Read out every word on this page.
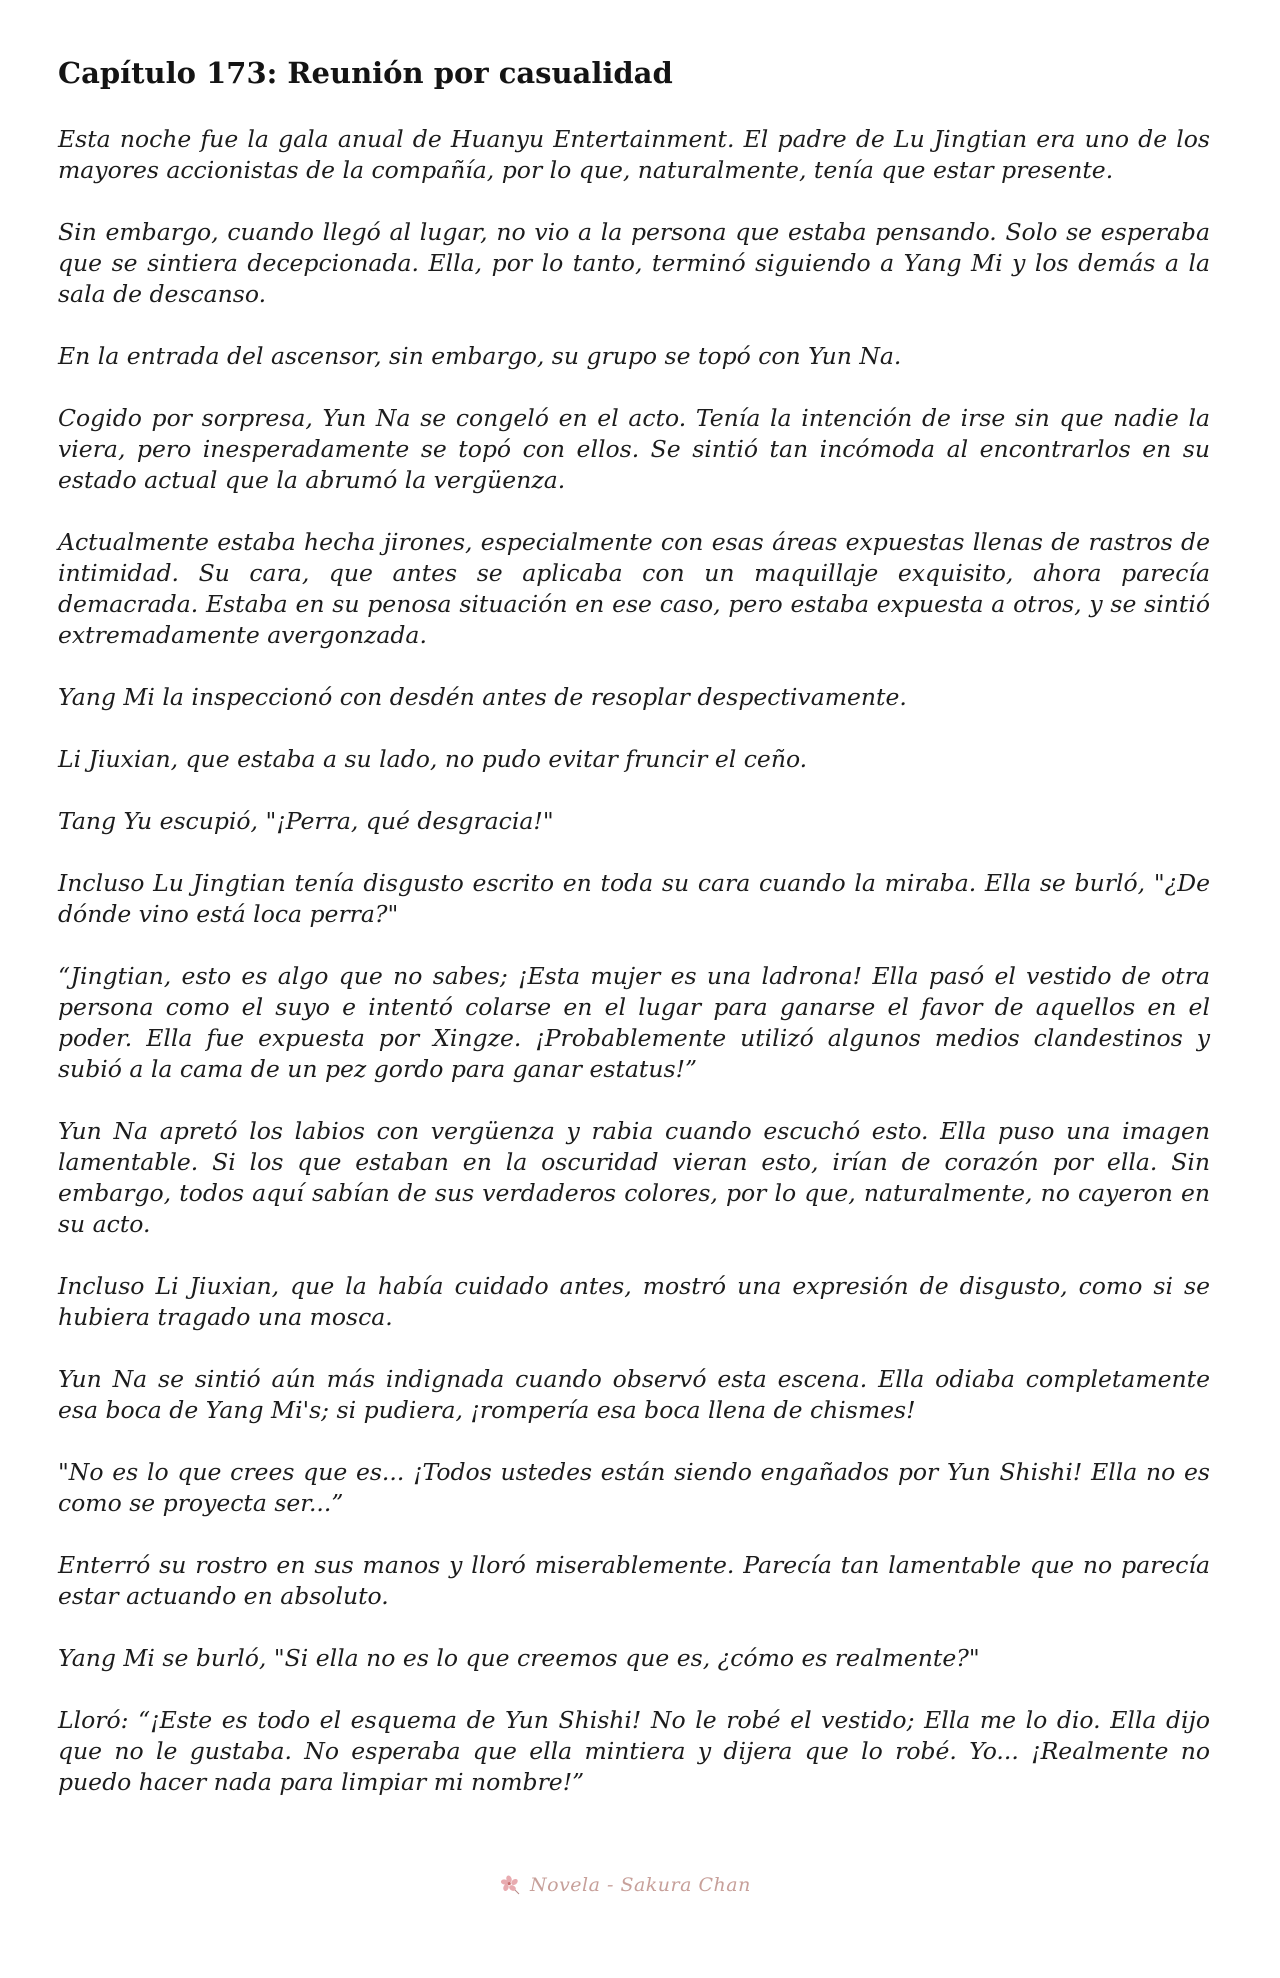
Capítulo 173: Reunión por casualidad

Esta noche fue la gala anual de Huanyu Entertainment. El padre de Lu Jingtian era uno de los mayores accionistas de la compañía, por lo que, naturalmente, tenía que estar presente.

Sin embargo, cuando llegó al lugar, no vio a la persona que estaba pensando. Solo se esperaba que se sintiera decepcionada. Ella, por lo tanto, terminó siguiendo a Yang Mi y los demás a la sala de descanso.

En la entrada del ascensor, sin embargo, su grupo se topó con Yun Na.

Cogido por sorpresa, Yun Na se congeló en el acto. Tenía la intención de irse sin que nadie la viera, pero inesperadamente se topó con ellos. Se sintió tan incómoda al encontrarlos en su estado actual que la abrumó la vergüenza.

Actualmente estaba hecha jirones, especialmente con esas áreas expuestas llenas de rastros de intimidad. Su cara, que antes se aplicaba con un maquillaje exquisito, ahora parecía demacrada. Estaba en su penosa situación en ese caso, pero estaba expuesta a otros, y se sintió extremadamente avergonzada.

Yang Mi la inspeccionó con desdén antes de resoplar despectivamente.

Li Jiuxian, que estaba a su lado, no pudo evitar fruncir el ceño.

Tang Yu escupió, "¡Perra, qué desgracia!"

Incluso Lu Jingtian tenía disgusto escrito en toda su cara cuando la miraba. Ella se burló, "¿De dónde vino está loca perra?"

“Jingtian, esto es algo que no sabes; ¡Esta mujer es una ladrona! Ella pasó el vestido de otra persona como el suyo e intentó colarse en el lugar para ganarse el favor de aquellos en el poder. Ella fue expuesta por Xingze. ¡Probablemente utilizó algunos medios clandestinos y subió a la cama de un pez gordo para ganar estatus!”

Yun Na apretó los labios con vergüenza y rabia cuando escuchó esto. Ella puso una imagen lamentable. Si los que estaban en la oscuridad vieran esto, irían de corazón por ella. Sin embargo, todos aquí sabían de sus verdaderos colores, por lo que, naturalmente, no cayeron en su acto.

Incluso Li Jiuxian, que la había cuidado antes, mostró una expresión de disgusto, como si se hubiera tragado una mosca.

Yun Na se sintió aún más indignada cuando observó esta escena. Ella odiaba completamente esa boca de Yang Mi's; si pudiera, ¡rompería esa boca llena de chismes!

"No es lo que crees que es... ¡Todos ustedes están siendo engañados por Yun Shishi! Ella no es como se proyecta ser...”

Enterró su rostro en sus manos y lloró miserablemente. Parecía tan lamentable que no parecía estar actuando en absoluto.

Yang Mi se burló, "Si ella no es lo que creemos que es, ¿cómo es realmente?"

Lloró: “¡Este es todo el esquema de Yun Shishi! No le robé el vestido; Ella me lo dio. Ella dijo que no le gustaba. No esperaba que ella mintiera y dijera que lo robé. Yo... ¡Realmente no puedo hacer nada para limpiar mi nombre!”

Novela - Sakura Chan
